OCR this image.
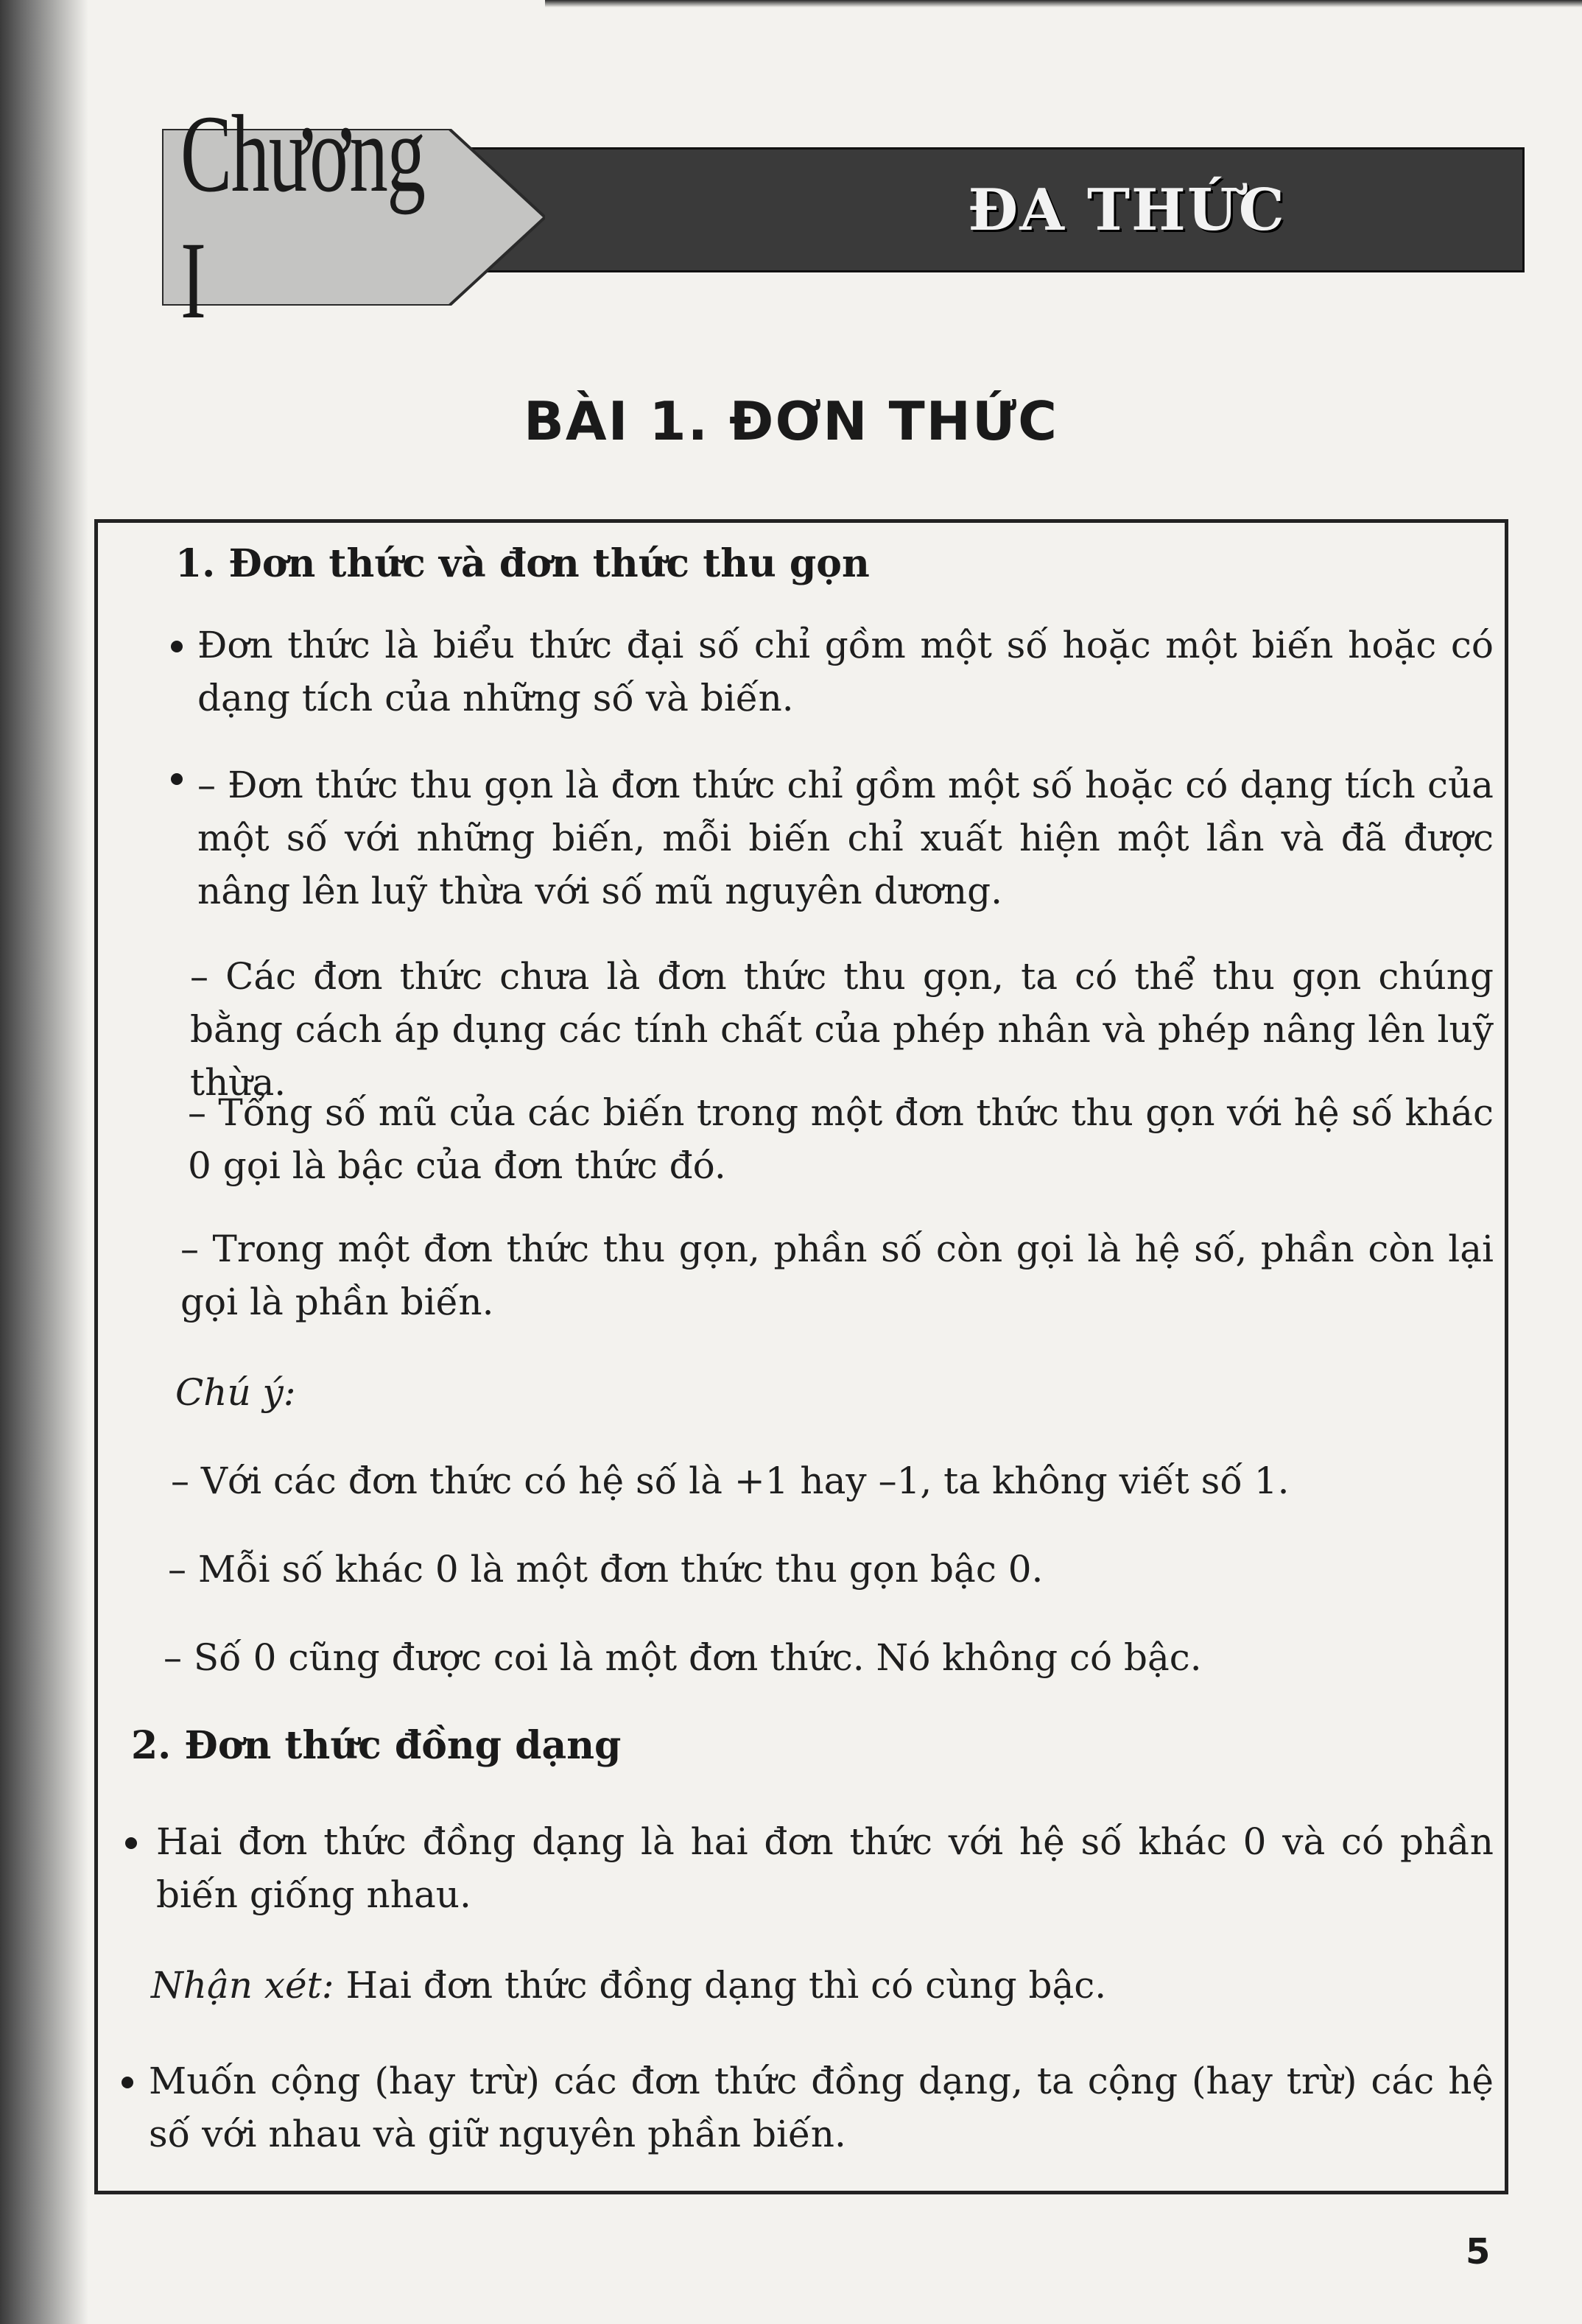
ĐA THỨC
Chương I
BÀI 1. ĐƠN THỨC
1. Đơn thức và đơn thức thu gọn
Đơn thức là biểu thức đại số chỉ gồm một số hoặc một biến hoặc có dạng tích của những số và biến.
– Đơn thức thu gọn là đơn thức chỉ gồm một số hoặc có dạng tích của một số với những biến, mỗi biến chỉ xuất hiện một lần và đã được nâng lên luỹ thừa với số mũ nguyên dương.
– Các đơn thức chưa là đơn thức thu gọn, ta có thể thu gọn chúng bằng cách áp dụng các tính chất của phép nhân và phép nâng lên luỹ thừa.
– Tổng số mũ của các biến trong một đơn thức thu gọn với hệ số khác 0 gọi là bậc của đơn thức đó.
– Trong một đơn thức thu gọn, phần số còn gọi là hệ số, phần còn lại gọi là phần biến.
Chú ý:
– Với các đơn thức có hệ số là +1 hay –1, ta không viết số 1.
– Mỗi số khác 0 là một đơn thức thu gọn bậc 0.
– Số 0 cũng được coi là một đơn thức. Nó không có bậc.
2. Đơn thức đồng dạng
Hai đơn thức đồng dạng là hai đơn thức với hệ số khác 0 và có phần biến giống nhau.
Nhận xét: Hai đơn thức đồng dạng thì có cùng bậc.
Muốn cộng (hay trừ) các đơn thức đồng dạng, ta cộng (hay trừ) các hệ số với nhau và giữ nguyên phần biến.
5
